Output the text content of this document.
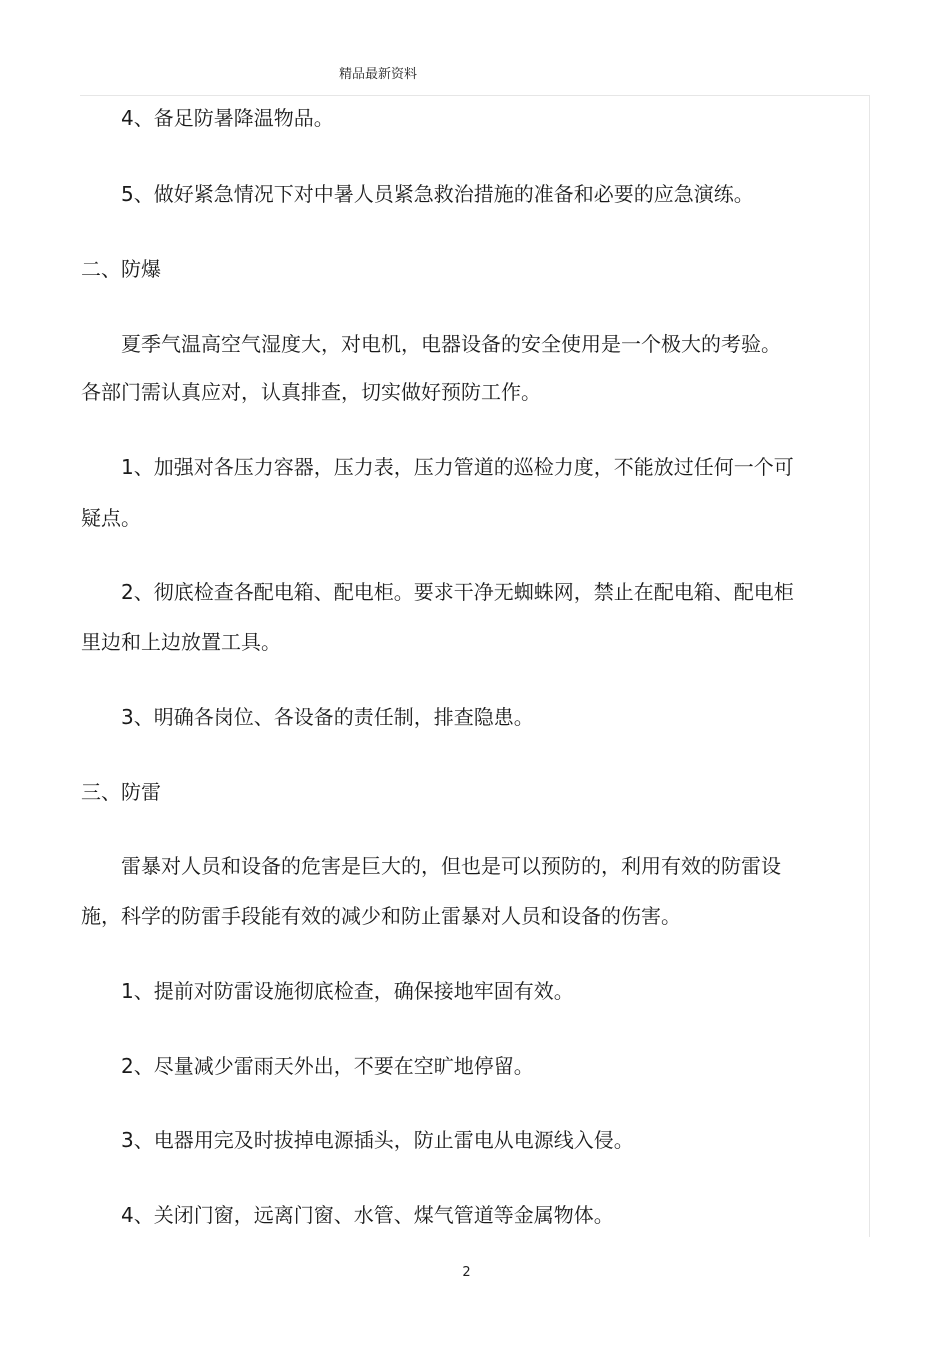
精品最新资料
4、备足防暑降温物品。
5、做好紧急情况下对中暑人员紧急救治措施的准备和必要的应急演练。
二、防爆
夏季气温高空气湿度大，对电机，电器设备的安全使用是一个极大的考验。
各部门需认真应对，认真排查，切实做好预防工作。
1、加强对各压力容器，压力表，压力管道的巡检力度，不能放过任何一个可
疑点。
2、彻底检查各配电箱、配电柜。要求干净无蜘蛛网，禁止在配电箱、配电柜
里边和上边放置工具。
3、明确各岗位、各设备的责任制，排查隐患。
三、防雷
雷暴对人员和设备的危害是巨大的，但也是可以预防的，利用有效的防雷设
施，科学的防雷手段能有效的减少和防止雷暴对人员和设备的伤害。
1、提前对防雷设施彻底检查，确保接地牢固有效。
2、尽量减少雷雨天外出，不要在空旷地停留。
3、电器用完及时拔掉电源插头，防止雷电从电源线入侵。
4、关闭门窗，远离门窗、水管、煤气管道等金属物体。
2
